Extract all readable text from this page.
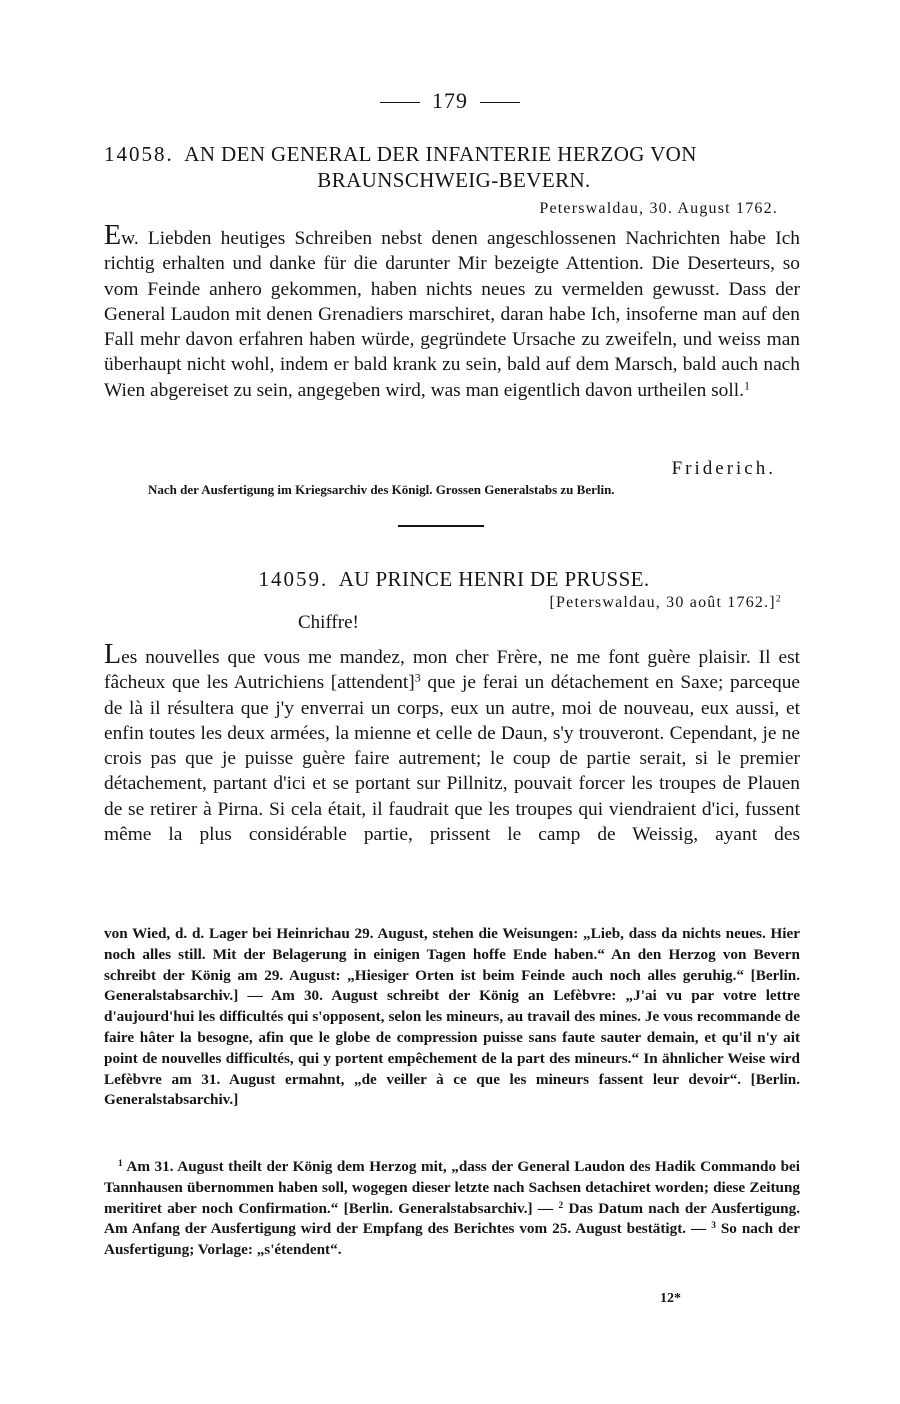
179
14058. AN DEN GENERAL DER INFANTERIE HERZOG VON
BRAUNSCHWEIG-BEVERN.
Peterswaldau, 30. August 1762.
Ew. Liebden heutiges Schreiben nebst denen angeschlossenen Nachrichten habe Ich richtig erhalten und danke für die darunter Mir bezeigte Attention. Die Deserteurs, so vom Feinde anhero gekommen, haben nichts neues zu vermelden gewusst. Dass der General Laudon mit denen Grenadiers marschiret, daran habe Ich, insoferne man auf den Fall mehr davon erfahren haben würde, gegründete Ursache zu zweifeln, und weiss man überhaupt nicht wohl, indem er bald krank zu sein, bald auf dem Marsch, bald auch nach Wien abgereiset zu sein, angegeben wird, was man eigentlich davon urtheilen soll.$^1$
Friderich.
Nach der Ausfertigung im Kriegsarchiv des Königl. Grossen Generalstabs zu Berlin.
14059. AU PRINCE HENRI DE PRUSSE.
[Peterswaldau, 30 août 1762.]$^2$
Chiffre!
Les nouvelles que vous me mandez, mon cher Frère, ne me font guère plaisir. Il est fâcheux que les Autrichiens [attendent]$^3$ que je ferai un détachement en Saxe; parceque de là il résultera que j'y enverrai un corps, eux un autre, moi de nouveau, eux aussi, et enfin toutes les deux armées, la mienne et celle de Daun, s'y trouveront. Cependant, je ne crois pas que je puisse guère faire autrement; le coup de partie serait, si le premier détachement, partant d'ici et se portant sur Pillnitz, pouvait forcer les troupes de Plauen de se retirer à Pirna. Si cela était, il faudrait que les troupes qui viendraient d'ici, fussent même la plus considérable partie, prissent le camp de Weissig, ayant des

von Wied, d. d. Lager bei Heinrichau 29. August, stehen die Weisungen: „Lieb, dass da nichts neues. Hier noch alles still. Mit der Belagerung in einigen Tagen hoffe Ende haben.“ An den Herzog von Bevern schreibt der König am 29. August: „Hiesiger Orten ist beim Feinde auch noch alles geruhig.“ [Berlin. Generalstabsarchiv.] — Am 30. August schreibt der König an Lefèbvre: „J'ai vu par votre lettre d'aujourd'hui les difficultés qui s'opposent, selon les mineurs, au travail des mines. Je vous recommande de faire hâter la besogne, afin que le globe de compression puisse sans faute sauter demain, et qu'il n'y ait point de nouvelles difficultés, qui y portent empêchement de la part des mineurs.“ In ähnlicher Weise wird Lefèbvre am 31. August ermahnt, „de veiller à ce que les mineurs fassent leur devoir“. [Berlin. Generalstabsarchiv.]

$^1$ Am 31. August theilt der König dem Herzog mit, „dass der General Laudon des Hadik Commando bei Tannhausen übernommen haben soll, wogegen dieser letzte nach Sachsen detachiret worden; diese Zeitung meritiret aber noch Confirmation.“ [Berlin. Generalstabsarchiv.] — $^2$ Das Datum nach der Ausfertigung. Am Anfang der Ausfertigung wird der Empfang des Berichtes vom 25. August bestätigt. — $^3$ So nach der Ausfertigung; Vorlage: „s'étendent“.

12*
